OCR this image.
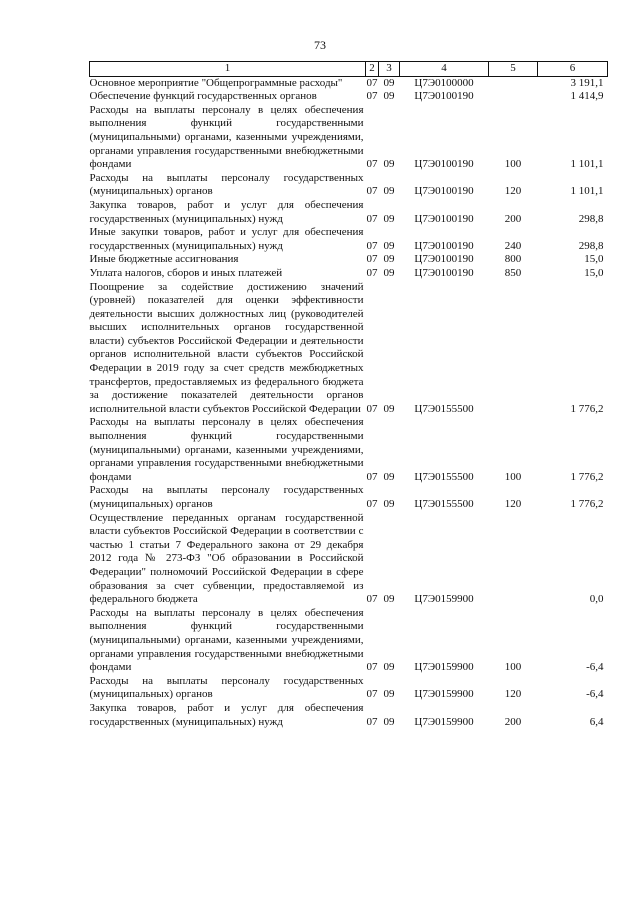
73
1	2	3	4	5	6
Основное мероприятие "Общепрограммные расходы"	07	09	Ц7Э0100000		3 191,1
Обеспечение функций государственных органов	07	09	Ц7Э0100190		1 414,9
Расходы на выплаты персоналу в целях обеспечения выполнения функций государственными (муниципальными) органами, казенными учреждениями, органами управления государственными внебюджетными фондами	07	09	Ц7Э0100190	100	1 101,1
Расходы на выплаты персоналу государственных (муниципальных) органов	07	09	Ц7Э0100190	120	1 101,1
Закупка товаров, работ и услуг для обеспечения государственных (муниципальных) нужд	07	09	Ц7Э0100190	200	298,8
Иные закупки товаров, работ и услуг для обеспечения государственных (муниципальных) нужд	07	09	Ц7Э0100190	240	298,8
Иные бюджетные ассигнования	07	09	Ц7Э0100190	800	15,0
Уплата налогов, сборов и иных платежей	07	09	Ц7Э0100190	850	15,0
Поощрение за содействие достижению значений (уровней) показателей для оценки эффективности деятельности высших должностных лиц (руководителей высших исполнительных органов государственной власти) субъектов Российской Федерации и деятельности органов исполнительной власти субъектов Российской Федерации в 2019 году за счет средств межбюджетных трансфертов, предоставляемых из федерального бюджета за достижение показателей деятельности органов исполнительной власти субъектов Российской Федерации	07	09	Ц7Э0155500		1 776,2
Расходы на выплаты персоналу в целях обеспечения выполнения функций государственными (муниципальными) органами, казенными учреждениями, органами управления государственными внебюджетными фондами	07	09	Ц7Э0155500	100	1 776,2
Расходы на выплаты персоналу государственных (муниципальных) органов	07	09	Ц7Э0155500	120	1 776,2
Осуществление переданных органам государственной власти субъектов Российской Федерации в соответствии с частью 1 статьи 7 Федерального закона от 29 декабря 2012 года № 273-ФЗ "Об образовании в Российской Федерации" полномочий Российской Федерации в сфере образования за счет субвенции, предоставляемой из федерального бюджета	07	09	Ц7Э0159900		0,0
Расходы на выплаты персоналу в целях обеспечения выполнения функций государственными (муниципальными) органами, казенными учреждениями, органами управления государственными внебюджетными фондами	07	09	Ц7Э0159900	100	-6,4
Расходы на выплаты персоналу государственных (муниципальных) органов	07	09	Ц7Э0159900	120	-6,4
Закупка товаров, работ и услуг для обеспечения государственных (муниципальных) нужд	07	09	Ц7Э0159900	200	6,4
